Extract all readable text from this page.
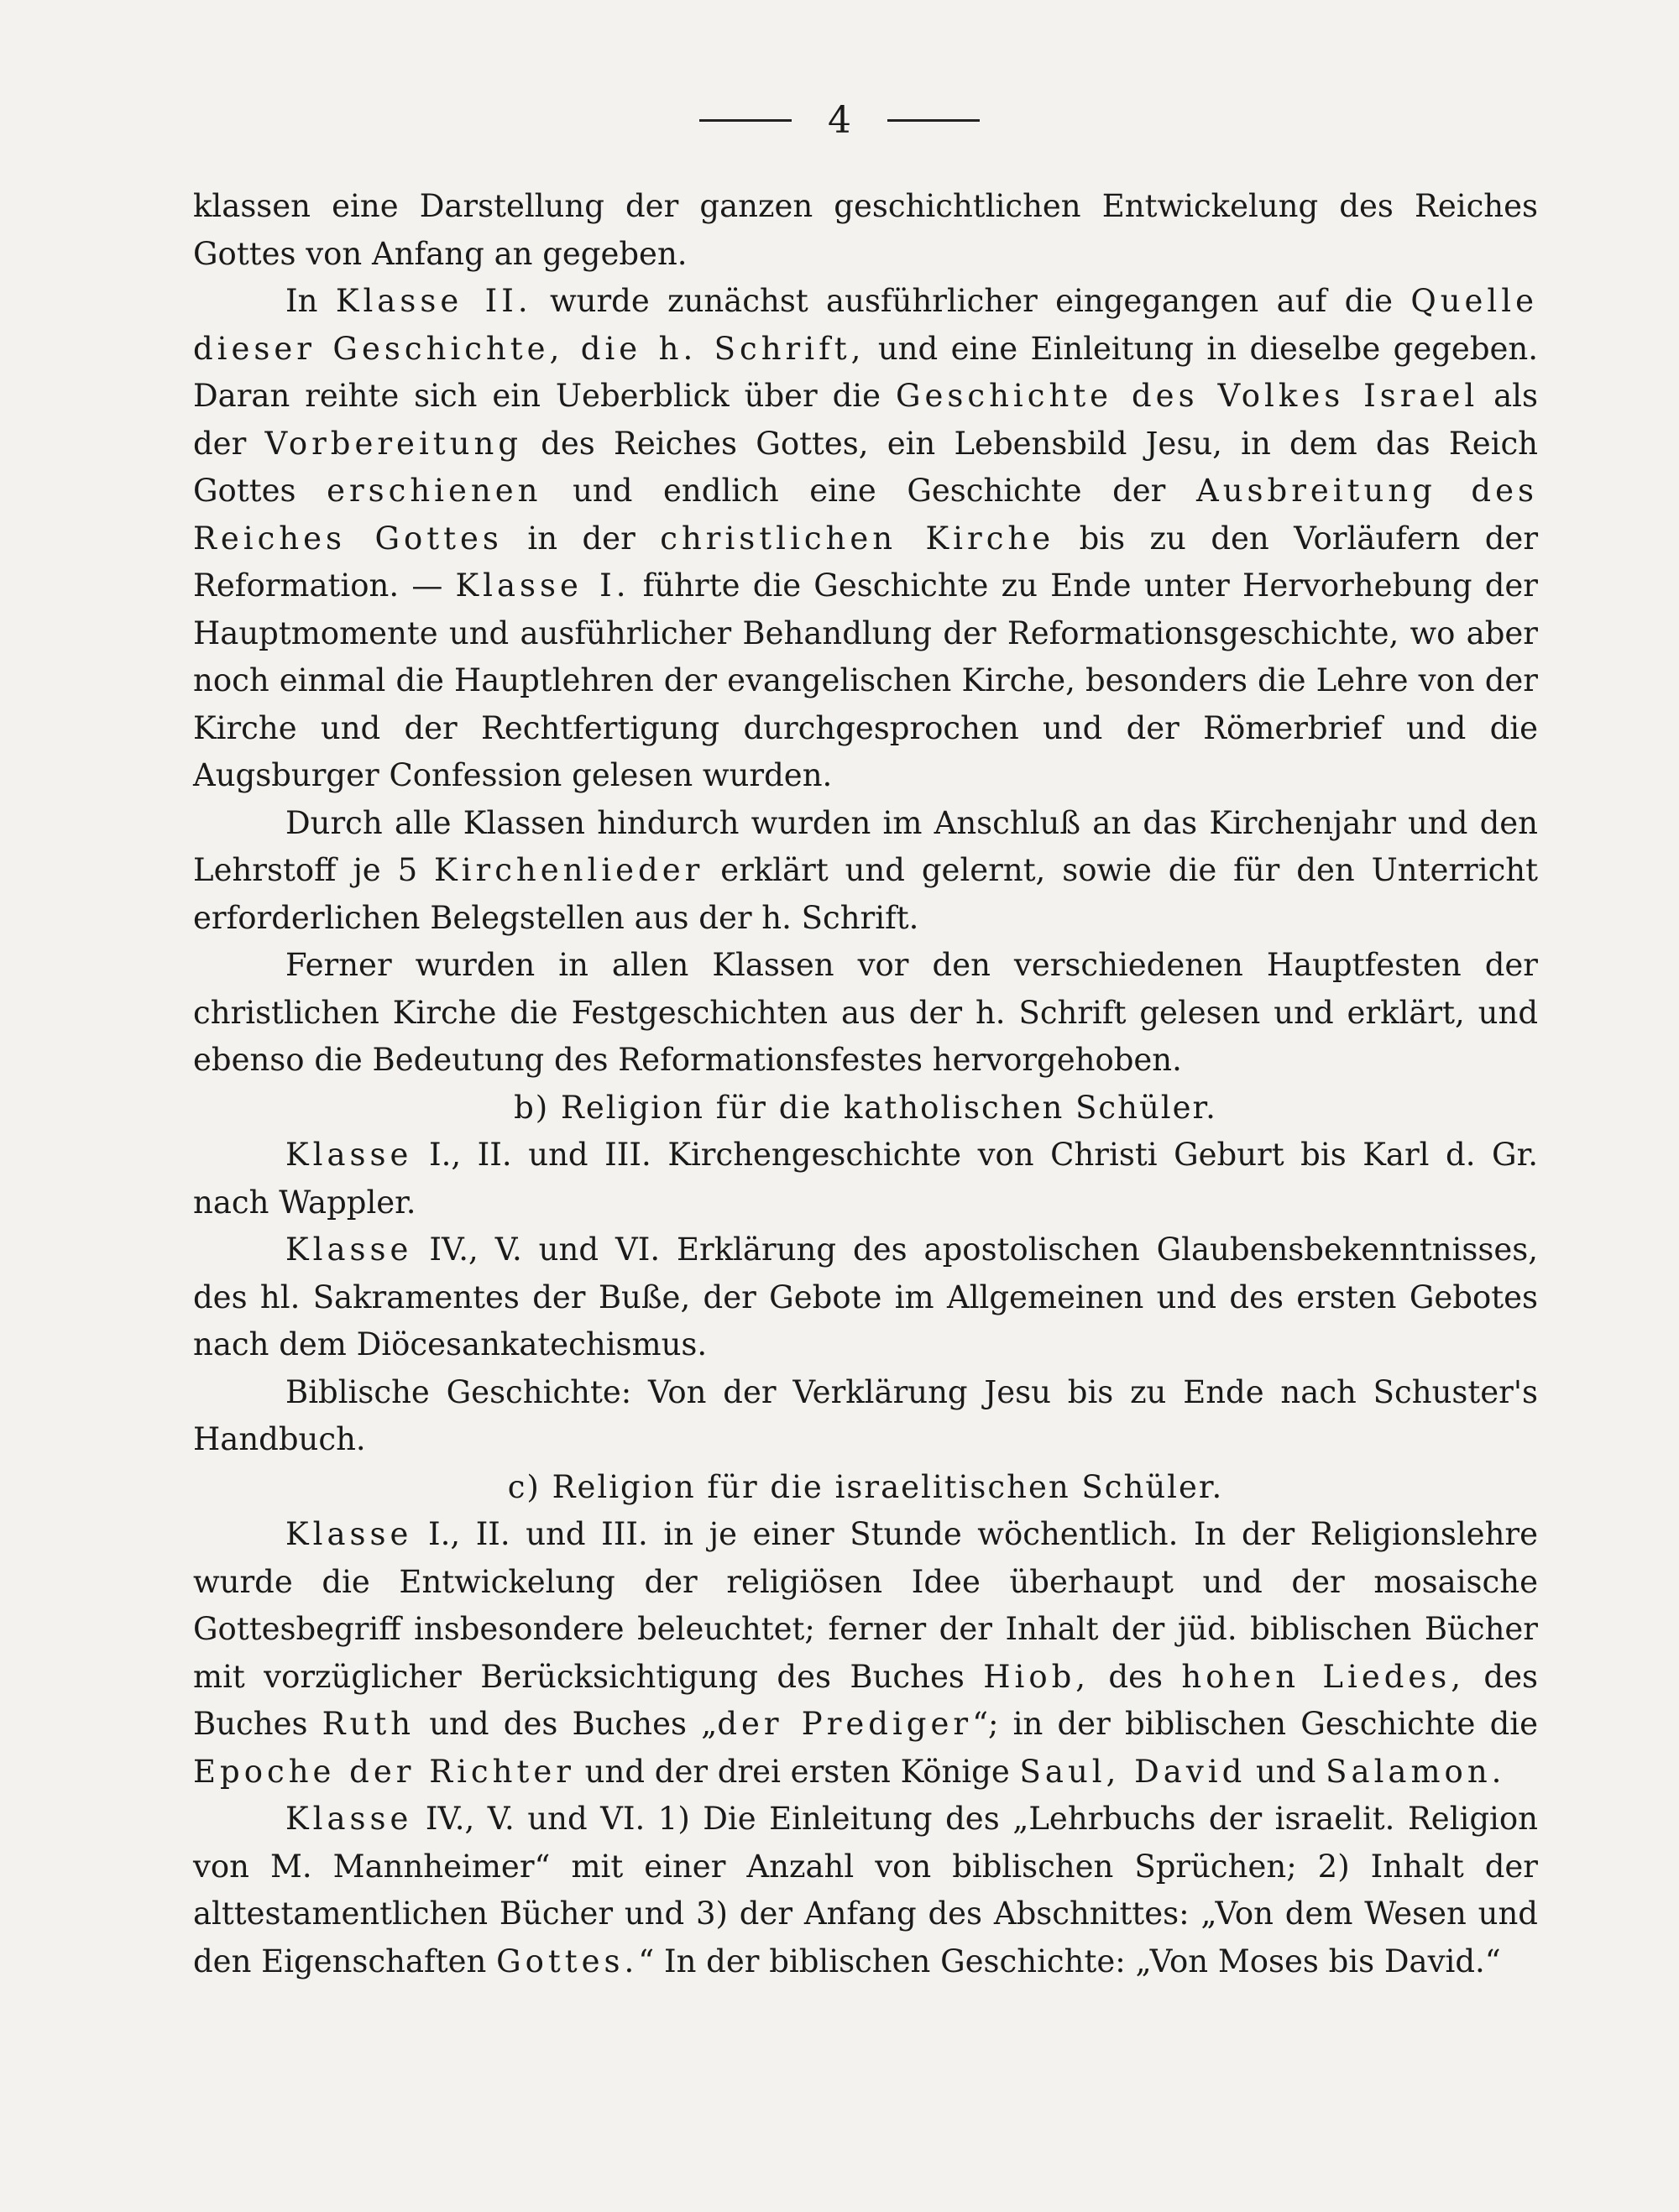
4

klassen eine Darstellung der ganzen geschichtlichen Entwickelung des Reiches Gottes von Anfang an gegeben.

In Klasse II. wurde zunächst ausführlicher eingegangen auf die Quelle dieser Geschichte, die h. Schrift, und eine Einleitung in dieselbe gegeben. Daran reihte sich ein Ueberblick über die Geschichte des Volkes Israel als der Vorbereitung des Reiches Gottes, ein Lebensbild Jesu, in dem das Reich Gottes erschienen und endlich eine Geschichte der Ausbreitung des Reiches Gottes in der christlichen Kirche bis zu den Vorläufern der Reformation. — Klasse I. führte die Geschichte zu Ende unter Hervorhebung der Hauptmomente und ausführlicher Behandlung der Reformationsgeschichte, wo aber noch einmal die Hauptlehren der evangelischen Kirche, besonders die Lehre von der Kirche und der Rechtfertigung durchgesprochen und der Römerbrief und die Augsburger Confession gelesen wurden.

Durch alle Klassen hindurch wurden im Anschluß an das Kirchenjahr und den Lehrstoff je 5 Kirchenlieder erklärt und gelernt, sowie die für den Unterricht erforderlichen Belegstellen aus der h. Schrift.

Ferner wurden in allen Klassen vor den verschiedenen Hauptfesten der christlichen Kirche die Festgeschichten aus der h. Schrift gelesen und erklärt, und ebenso die Bedeutung des Reformationsfestes hervorgehoben.

b) Religion für die katholischen Schüler.

Klasse I., II. und III. Kirchengeschichte von Christi Geburt bis Karl d. Gr. nach Wappler.

Klasse IV., V. und VI. Erklärung des apostolischen Glaubensbekenntnisses, des hl. Sakramentes der Buße, der Gebote im Allgemeinen und des ersten Gebotes nach dem Diöcesankatechismus.

Biblische Geschichte: Von der Verklärung Jesu bis zu Ende nach Schuster's Handbuch.

c) Religion für die israelitischen Schüler.

Klasse I., II. und III. in je einer Stunde wöchentlich. In der Religionslehre wurde die Entwickelung der religiösen Idee überhaupt und der mosaische Gottesbegriff insbesondere beleuchtet; ferner der Inhalt der jüd. biblischen Bücher mit vorzüglicher Berücksichtigung des Buches Hiob, des hohen Liedes, des Buches Ruth und des Buches „der Prediger“; in der biblischen Geschichte die Epoche der Richter und der drei ersten Könige Saul, David und Salamon.

Klasse IV., V. und VI. 1) Die Einleitung des „Lehrbuchs der israelit. Religion von M. Mannheimer“ mit einer Anzahl von biblischen Sprüchen; 2) Inhalt der alttestamentlichen Bücher und 3) der Anfang des Abschnittes: „Von dem Wesen und den Eigenschaften Gottes.“ In der biblischen Geschichte: „Von Moses bis David.“
